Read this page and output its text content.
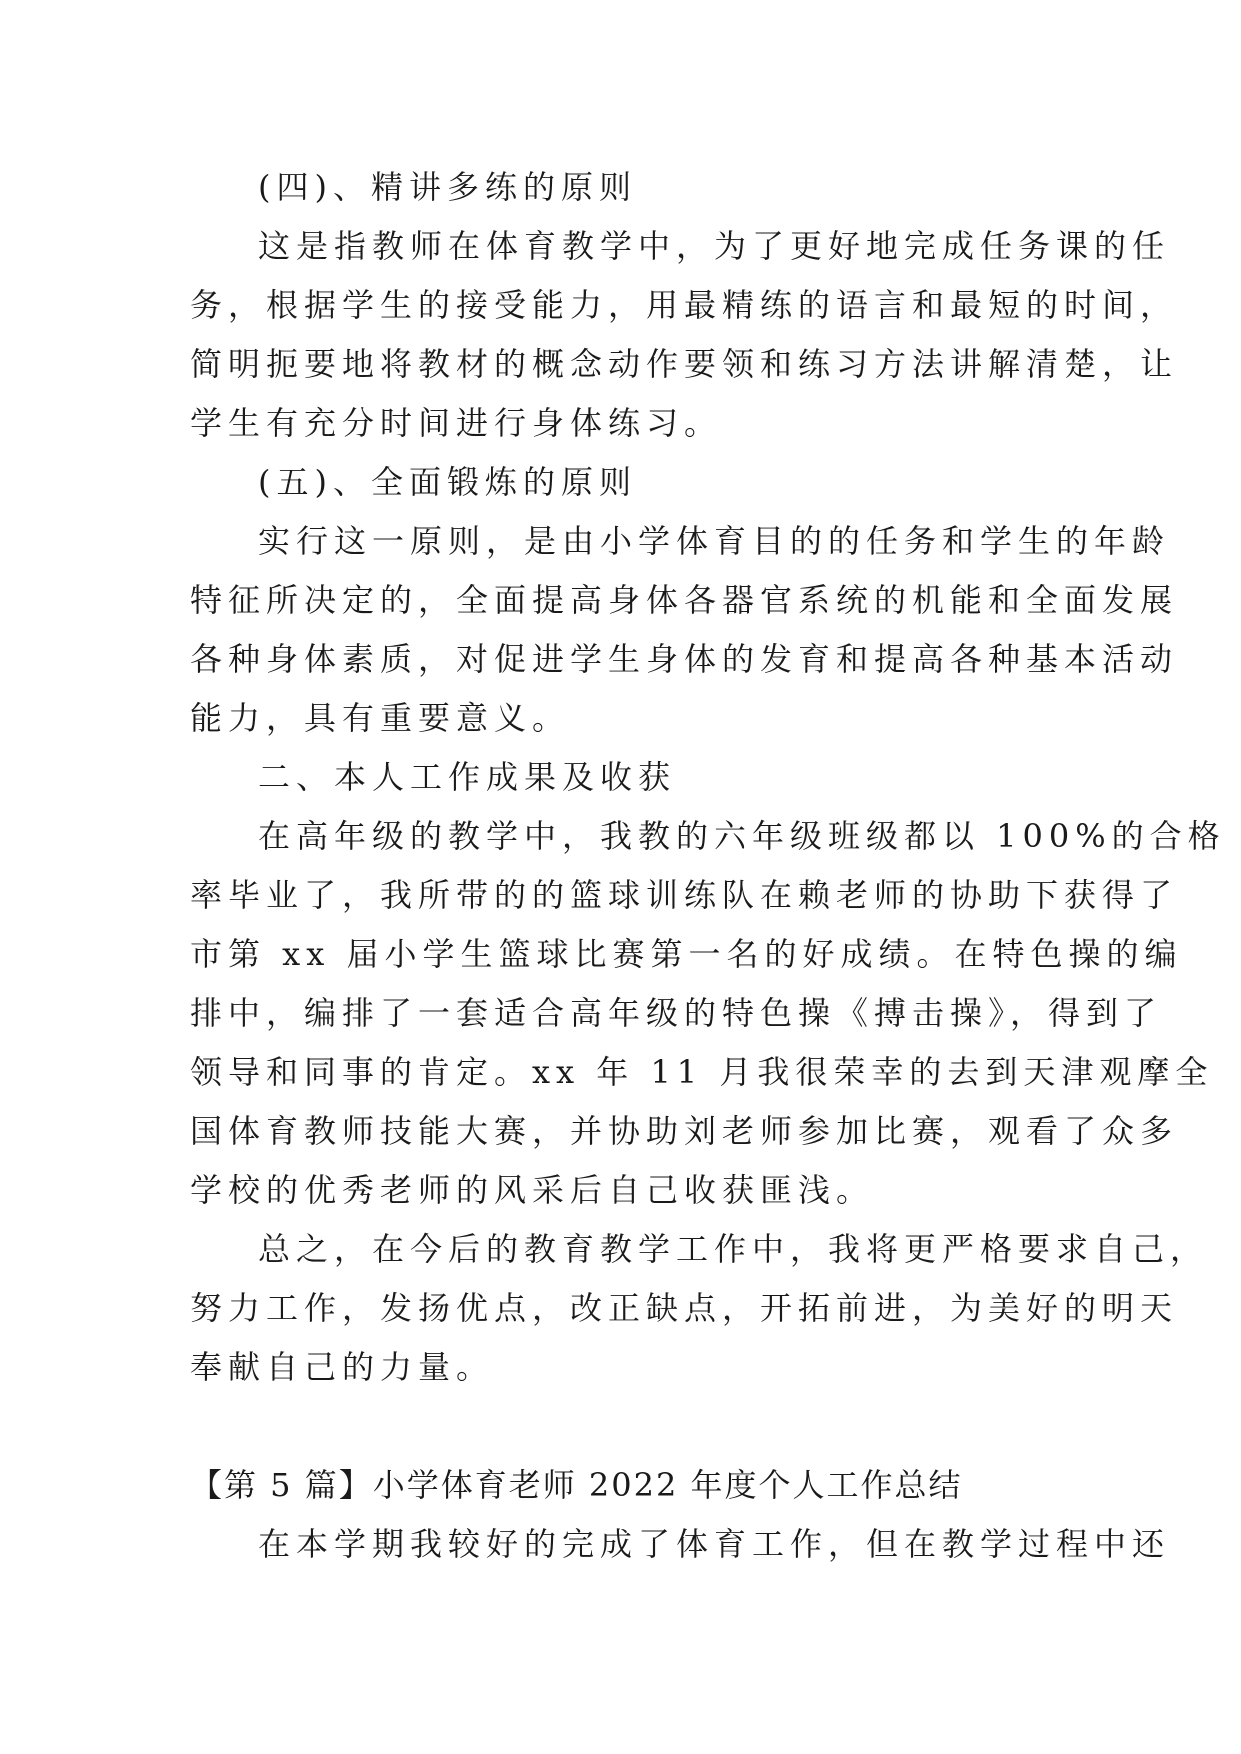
(四)、精讲多练的原则
这是指教师在体育教学中，为了更好地完成任务课的任
务，根据学生的接受能力，用最精练的语言和最短的时间，
简明扼要地将教材的概念动作要领和练习方法讲解清楚，让
学生有充分时间进行身体练习。
(五)、全面锻炼的原则
实行这一原则，是由小学体育目的的任务和学生的年龄
特征所决定的，全面提高身体各器官系统的机能和全面发展
各种身体素质，对促进学生身体的发育和提高各种基本活动
能力，具有重要意义。
二、本人工作成果及收获
在高年级的教学中，我教的六年级班级都以 100%的合格
率毕业了，我所带的的篮球训练队在赖老师的协助下获得了
市第 xx 届小学生篮球比赛第一名的好成绩。在特色操的编
排中，编排了一套适合高年级的特色操《搏击操》，得到了
领导和同事的肯定。xx 年 11 月我很荣幸的去到天津观摩全
国体育教师技能大赛，并协助刘老师参加比赛，观看了众多
学校的优秀老师的风采后自己收获匪浅。
总之，在今后的教育教学工作中，我将更严格要求自己，
努力工作，发扬优点，改正缺点，开拓前进，为美好的明天
奉献自己的力量。
【第 5 篇】小学体育老师 2022 年度个人工作总结
在本学期我较好的完成了体育工作，但在教学过程中还
